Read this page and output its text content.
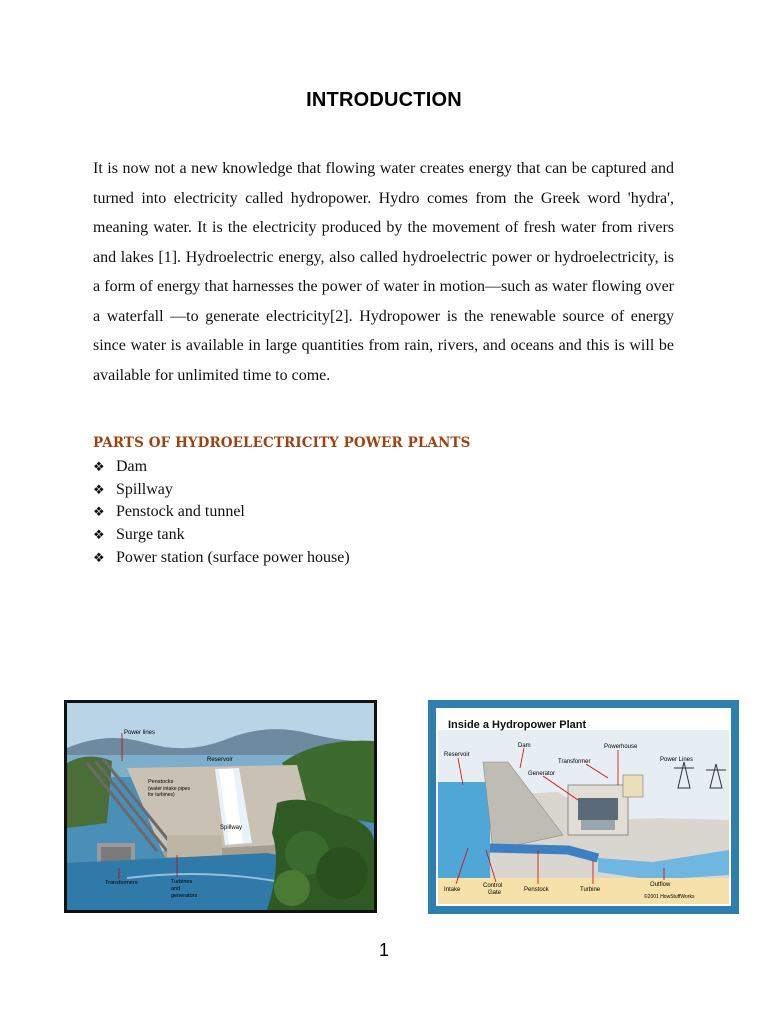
INTRODUCTION
It is now not a new knowledge that flowing water creates energy that can be captured and turned into electricity called hydropower. Hydro comes from the Greek word 'hydra', meaning water. It is the electricity produced by the movement of fresh water from rivers and lakes [1]. Hydroelectric energy, also called hydroelectric power or hydroelectricity, is a form of energy that harnesses the power of water in motion—such as water flowing over a waterfall —to generate electricity[2]. Hydropower is the renewable source of energy since water is available in large quantities from rain, rivers, and oceans and this is will be available for unlimited time to come.
PARTS OF HYDROELECTRICITY POWER PLANTS
❖ Dam
❖ Spillway
❖ Penstock and tunnel
❖ Surge tank
❖ Power station (surface power house)
Power lines
Reservoir
Penstocks
(water intake pipes
for turbines)
Spillway
Transformers	Turbines
and
generators
Inside a Hydropower Plant
Dam	Powerhouse
Reservoir
Transformer	Power Lines
Generator
Intake
Control
Gate	Penstock	Turbine
Outflow
©2001 HowStuffWorks
1
